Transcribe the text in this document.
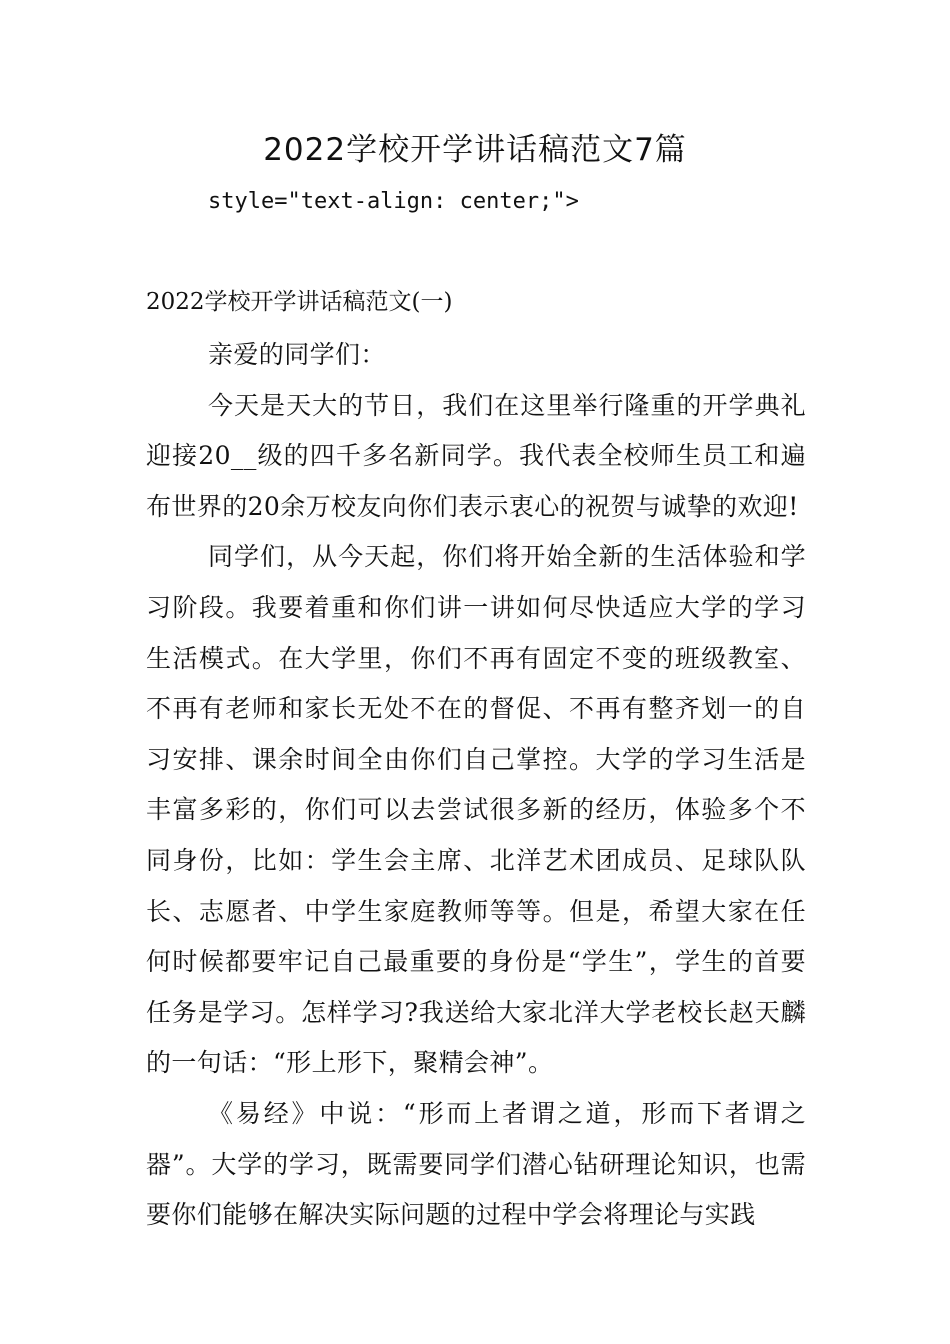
2022学校开学讲话稿范文7篇
style="text-align: center;">
2022学校开学讲话稿范文(一)

亲爱的同学们：

今天是天大的节日，我们在这里举行隆重的开学典礼迎接20__级的四千多名新同学。我代表全校师生员工和遍布世界的20余万校友向你们表示衷心的祝贺与诚挚的欢迎!

同学们，从今天起，你们将开始全新的生活体验和学习阶段。我要着重和你们讲一讲如何尽快适应大学的学习生活模式。在大学里，你们不再有固定不变的班级教室、不再有老师和家长无处不在的督促、不再有整齐划一的自习安排、课余时间全由你们自己掌控。大学的学习生活是丰富多彩的，你们可以去尝试很多新的经历，体验多个不同身份，比如：学生会主席、北洋艺术团成员、足球队队长、志愿者、中学生家庭教师等等。但是，希望大家在任何时候都要牢记自己最重要的身份是“学生”，学生的首要任务是学习。怎样学习?我送给大家北洋大学老校长赵天麟的一句话：“形上形下，聚精会神”。

《易经》中说：“形而上者谓之道，形而下者谓之器”。大学的学习，既需要同学们潜心钻研理论知识，也需要你们能够在解决实际问题的过程中学会将理论与实践
